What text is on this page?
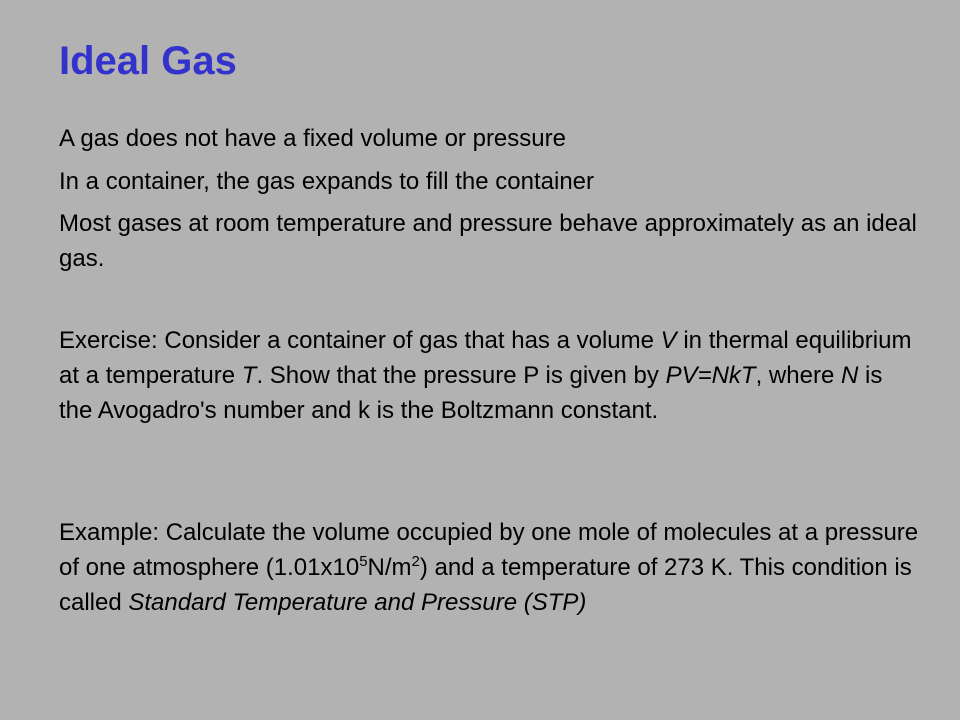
Ideal Gas

A gas does not have a fixed volume or pressure

In a container, the gas expands to fill the container

Most gases at room temperature and pressure behave approximately as an ideal gas.

Exercise: Consider a container of gas that has a volume V in thermal equilibrium at a temperature T. Show that the pressure P is given by PV=NkT, where N is the Avogadro's number and k is the Boltzmann constant.

Example: Calculate the volume occupied by one mole of molecules at a pressure of one atmosphere $(1.01x10^5N/m^2)$ and a temperature of 273 K. This condition is called Standard Temperature and Pressure (STP)
